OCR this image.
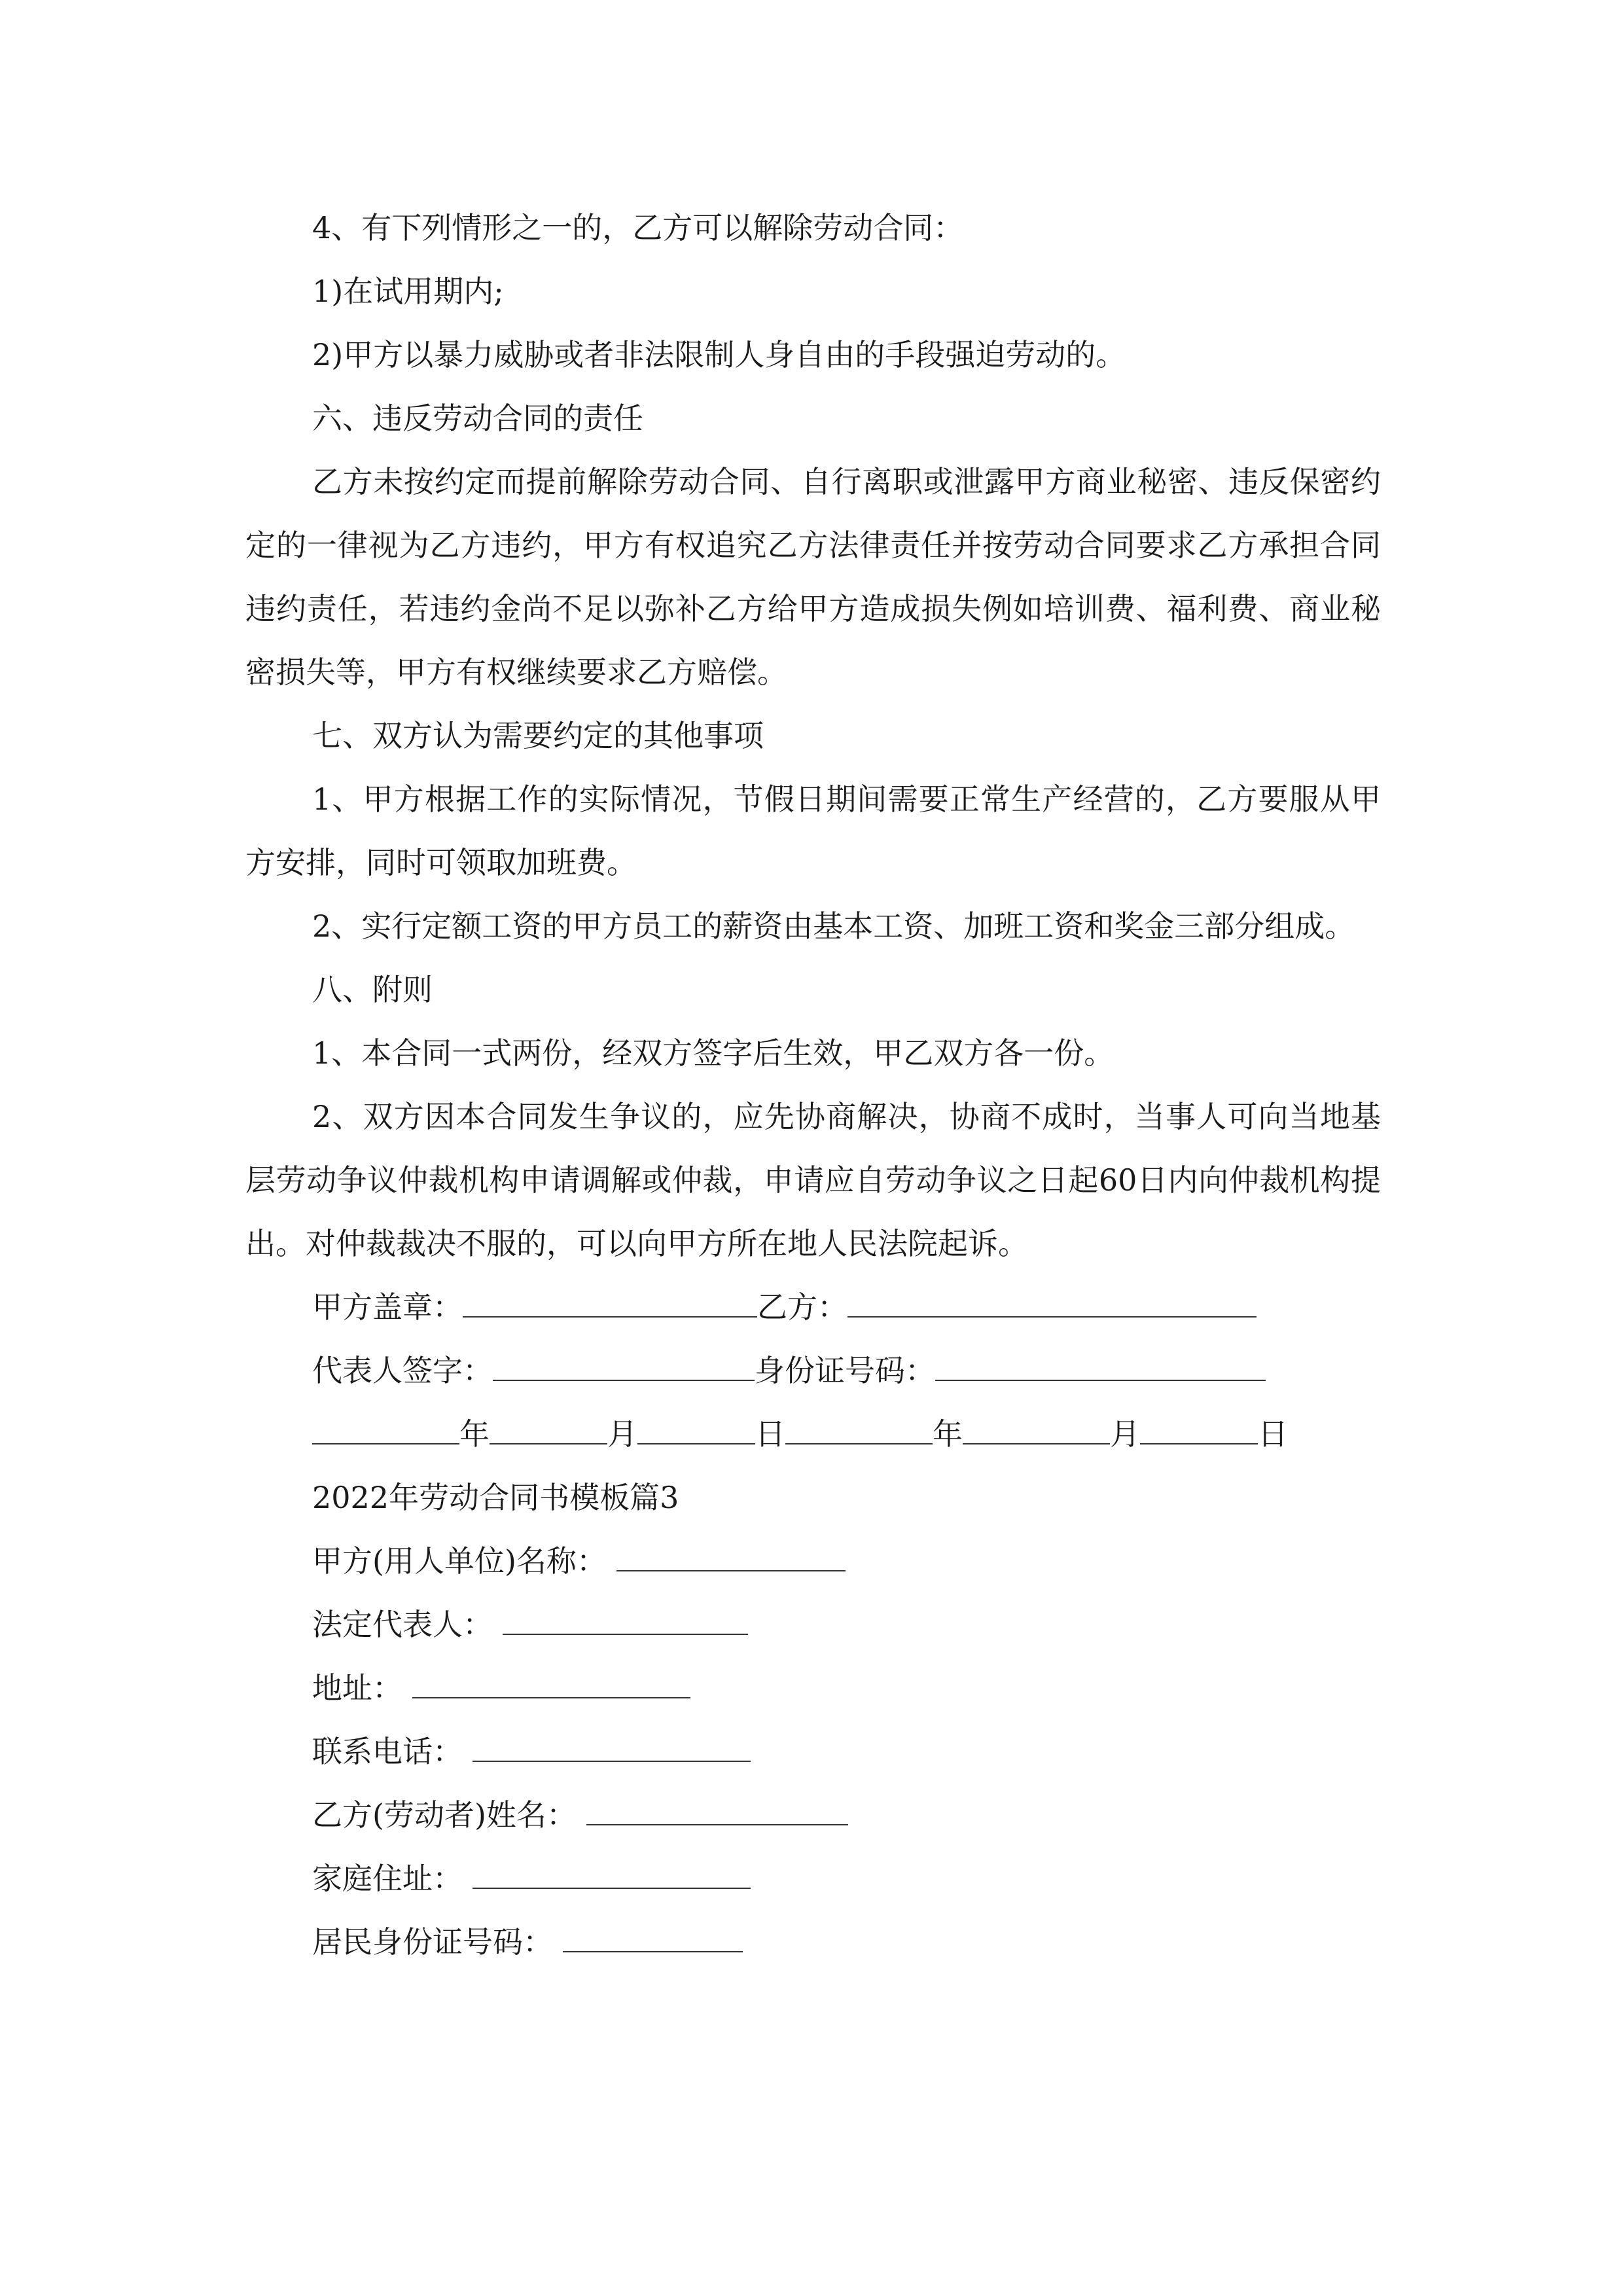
4、有下列情形之一的，乙方可以解除劳动合同：
1)在试用期内;
2)甲方以暴力威胁或者非法限制人身自由的手段强迫劳动的。
六、违反劳动合同的责任

乙方未按约定而提前解除劳动合同、自行离职或泄露甲方商业秘密、违反保密约定的一律视为乙方违约，甲方有权追究乙方法律责任并按劳动合同要求乙方承担合同违约责任，若违约金尚不足以弥补乙方给甲方造成损失例如培训费、福利费、商业秘密损失等，甲方有权继续要求乙方赔偿。

七、双方认为需要约定的其他事项

1、甲方根据工作的实际情况，节假日期间需要正常生产经营的，乙方要服从甲方安排，同时可领取加班费。

2、实行定额工资的甲方员工的薪资由基本工资、加班工资和奖金三部分组成。

八、附则
1、本合同一式两份，经双方签字后生效，甲乙双方各一份。

2、双方因本合同发生争议的，应先协商解决，协商不成时，当事人可向当地基层劳动争议仲裁机构申请调解或仲裁，申请应自劳动争议之日起60日内向仲裁机构提出。对仲裁裁决不服的，可以向甲方所在地人民法院起诉。

甲方盖章：	乙方：
代表人签字：	身份证号码：
年	月	日	年	月	日
2022年劳动合同书模板篇3
甲方(用人单位)名称：
法定代表人：
地址：
联系电话：
乙方(劳动者)姓名：
家庭住址：
居民身份证号码：
